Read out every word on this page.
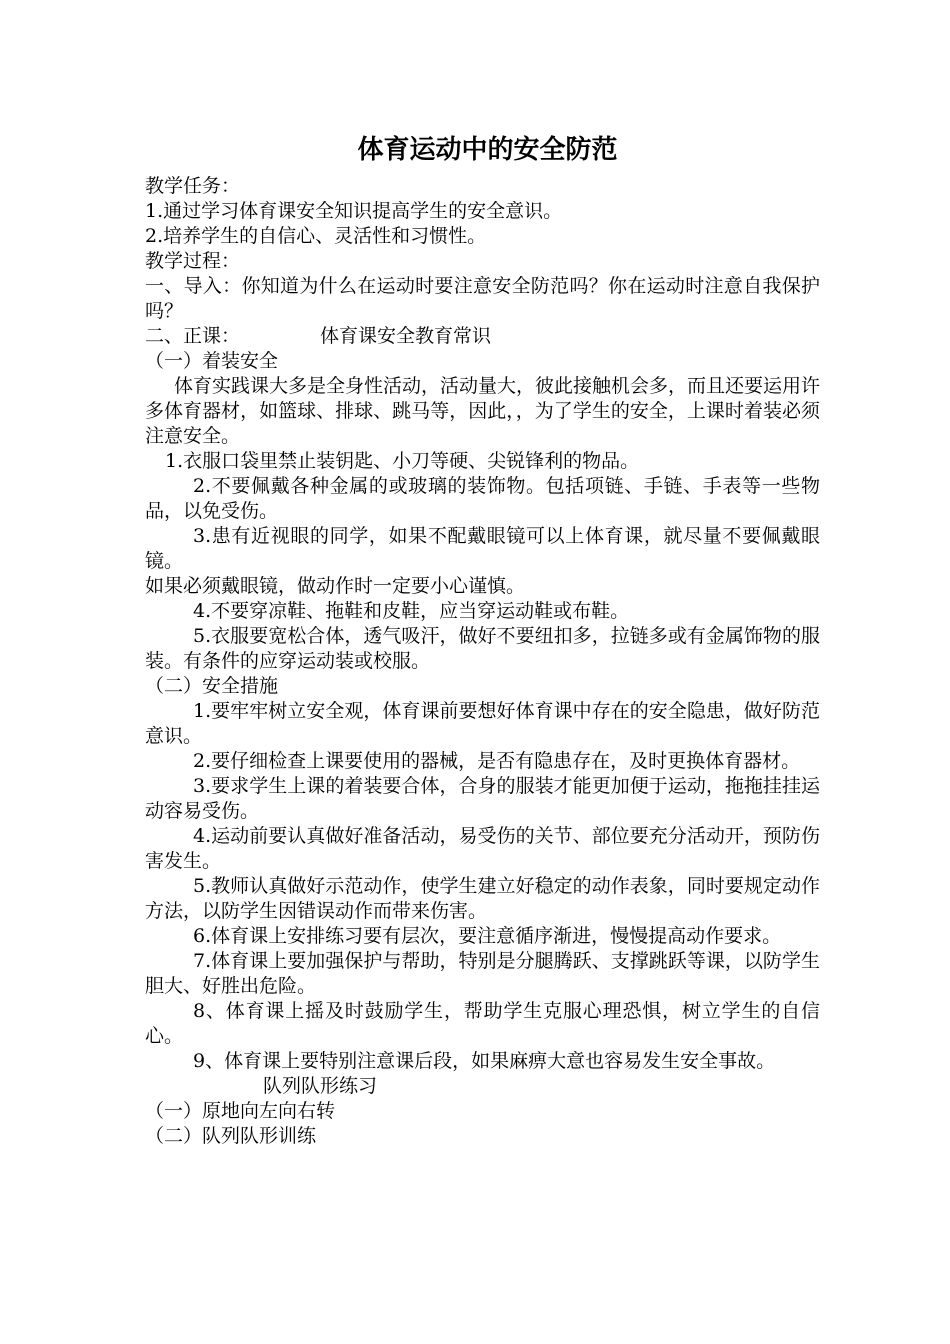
体育运动中的安全防范
教学任务：
1.通过学习体育课安全知识提高学生的安全意识。
2.培养学生的自信心、灵活性和习惯性。
教学过程：
一、导入：你知道为什么在运动时要注意安全防范吗？你在运动时注意自我保护吗？
二、正课：	体育课安全教育常识
（一）着装安全
体育实践课大多是全身性活动，活动量大，彼此接触机会多，而且还要运用许多体育器材，如篮球、排球、跳马等，因此，，为了学生的安全，上课时着装必须注意安全。
1.衣服口袋里禁止装钥匙、小刀等硬、尖锐锋利的物品。
2.不要佩戴各种金属的或玻璃的装饰物。包括项链、手链、手表等一些物品，以免受伤。
3.患有近视眼的同学，如果不配戴眼镜可以上体育课，就尽量不要佩戴眼镜。
如果必须戴眼镜，做动作时一定要小心谨慎。
4.不要穿凉鞋、拖鞋和皮鞋，应当穿运动鞋或布鞋。
5.衣服要宽松合体，透气吸汗，做好不要纽扣多，拉链多或有金属饰物的服装。有条件的应穿运动装或校服。
（二）安全措施
1.要牢牢树立安全观，体育课前要想好体育课中存在的安全隐患，做好防范意识。
2.要仔细检查上课要使用的器械，是否有隐患存在，及时更换体育器材。
3.要求学生上课的着装要合体，合身的服装才能更加便于运动，拖拖挂挂运动容易受伤。
4.运动前要认真做好准备活动，易受伤的关节、部位要充分活动开，预防伤害发生。
5.教师认真做好示范动作，使学生建立好稳定的动作表象，同时要规定动作方法，以防学生因错误动作而带来伤害。
6.体育课上安排练习要有层次，要注意循序渐进，慢慢提高动作要求。
7.体育课上要加强保护与帮助，特别是分腿腾跃、支撑跳跃等课，以防学生胆大、好胜出危险。
8、体育课上摇及时鼓励学生，帮助学生克服心理恐惧，树立学生的自信心。
9、体育课上要特别注意课后段，如果麻痹大意也容易发生安全事故。
队列队形练习
（一）原地向左向右转
（二）队列队形训练
